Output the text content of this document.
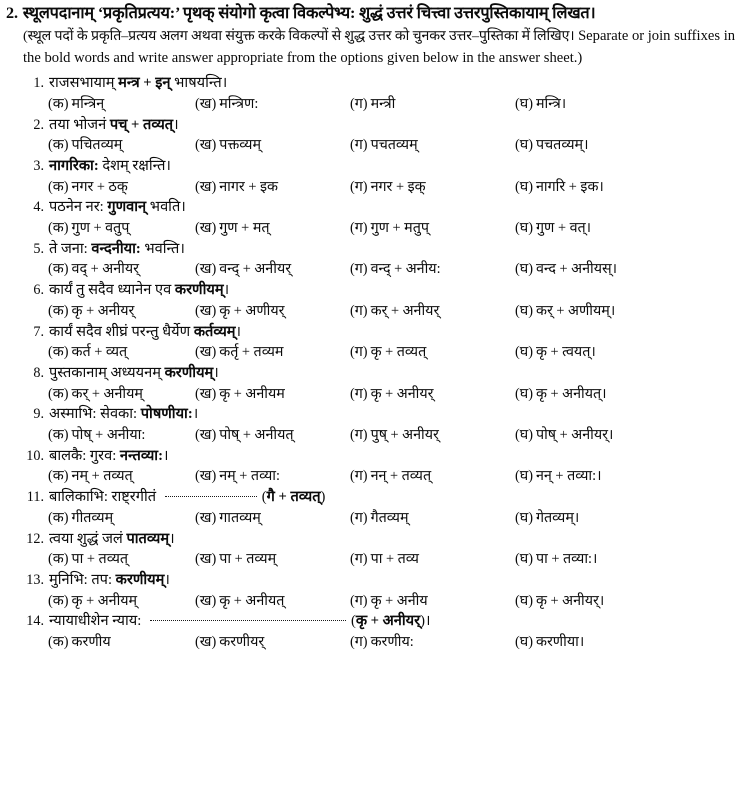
2. स्थूलपदानाम् ‘प्रकृतिप्रत्यय:’ पृथक् संयोगो कृत्वा विकल्पेभ्य: शुद्धं उत्तरं चित्त्वा उत्तरपुस्तिकायाम् लिखत।
(स्थूल पदों के प्रकृति–प्रत्यय अलग अथवा संयुक्त करके विकल्पों से शुद्ध उत्तर को चुनकर उत्तर–पुस्तिका में लिखिए। Separate or join suffixes in the bold words and write answer appropriate from the options given below in the answer sheet.)
1. राजसभायाम् मन्त्र + इन् भाषयन्ति।
(क) मन्त्रिन्	(ख) मन्त्रिण:	(ग) मन्त्री	(घ) मन्त्रि।
2. तया भोजनं पच् + तव्यत्।
(क) पचितव्यम्	(ख) पक्तव्यम्	(ग) पचतव्यम्	(घ) पचतव्यम्।
3. नागरिका: देशम् रक्षन्ति।
(क) नगर + ठक्	(ख) नागर + इक	(ग) नगर + इक्	(घ) नागरि + इक।
4. पठनेन नर: गुणवान् भवति।
(क) गुण + वतुप्	(ख) गुण + मत्	(ग) गुण + मतुप्	(घ) गुण + वत्।
5. ते जना: वन्दनीया: भवन्ति।
(क) वद् + अनीयर्	(ख) वन्द् + अनीयर्	(ग) वन्द् + अनीय:	(घ) वन्द + अनीयस्।
6. कार्यं तु सदैव ध्यानेन एव करणीयम्।
(क) कृ + अनीयर्	(ख) कृ + अणीयर्	(ग) कर् + अनीयर्	(घ) कर् + अणीयम्।
7. कार्यं सदैव शीघ्रं परन्तु धैर्येण कर्तव्यम्।
(क) कर्त + व्यत्	(ख) कर्तृ + तव्यम	(ग) कृ + तव्यत्	(घ) कृ + त्वयत्।
8. पुस्तकानाम् अध्ययनम् करणीयम्।
(क) कर् + अनीयम्	(ख) कृ + अनीयम	(ग) कृ + अनीयर्	(घ) कृ + अनीयत्।
9. अस्माभि: सेवका: पोषणीया:।
(क) पोष् + अनीया:	(ख) पोष् + अनीयत्	(ग) पुष् + अनीयर्	(घ) पोष् + अनीयर्।
10. बालकै: गुरव: नन्तव्या:।
(क) नम् + तव्यत्	(ख) नम् + तव्या:	(ग) नन् + तव्यत्	(घ) नन् + तव्या:।
11. बालिकाभि: राष्ट्रगीतं	(गै + तव्यत्)
(क) गीतव्यम्	(ख) गातव्यम्	(ग) गैतव्यम्	(घ) गेतव्यम्।
12. त्वया शुद्धं जलं पातव्यम्।
(क) पा + तव्यत्	(ख) पा + तव्यम्	(ग) पा + तव्य	(घ) पा + तव्या:।
13. मुनिभि: तप: करणीयम्।
(क) कृ + अनीयम्	(ख) कृ + अनीयत्	(ग) कृ + अनीय	(घ) कृ + अनीयर्।
14. न्यायाधीशेन न्याय:	(कृ + अनीयर्)।
(क) करणीय	(ख) करणीयर्	(ग) करणीय:	(घ) करणीया।
